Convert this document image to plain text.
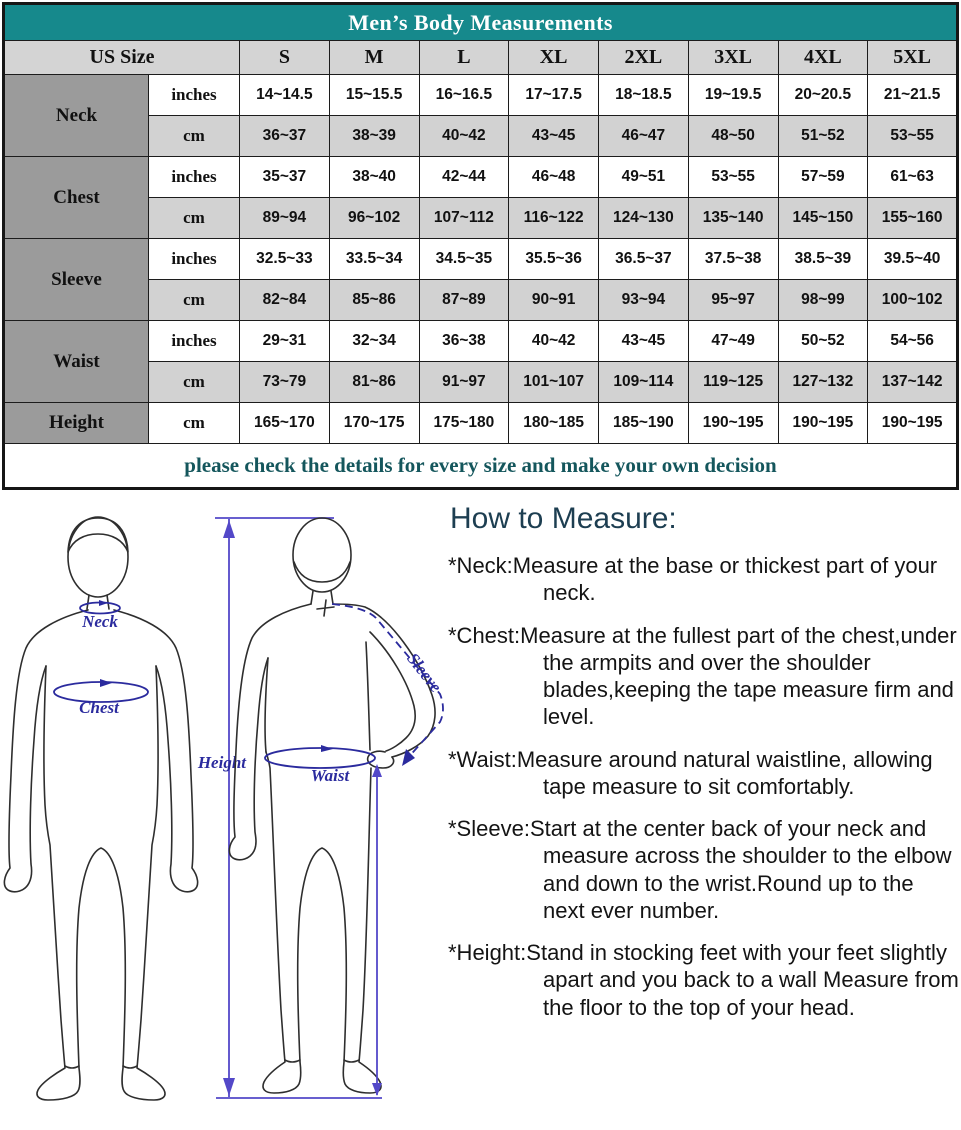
Men’s Body Measurements									
US Size		S	M	L	XL	2XL	3XL	4XL	5XL
Neck	inches	14~14.5	15~15.5	16~16.5	17~17.5	18~18.5	19~19.5	20~20.5	21~21.5
	cm	36~37	38~39	40~42	43~45	46~47	48~50	51~52	53~55
Chest	inches	35~37	38~40	42~44	46~48	49~51	53~55	57~59	61~63
	cm	89~94	96~102	107~112	116~122	124~130	135~140	145~150	155~160
Sleeve	inches	32.5~33	33.5~34	34.5~35	35.5~36	36.5~37	37.5~38	38.5~39	39.5~40
	cm	82~84	85~86	87~89	90~91	93~94	95~97	98~99	100~102
Waist	inches	29~31	32~34	36~38	40~42	43~45	47~49	50~52	54~56
	cm	73~79	81~86	91~97	101~107	109~114	119~125	127~132	137~142
Height	cm	165~170	170~175	175~180	180~185	185~190	190~195	190~195	190~195
please check the details for every size and make your own decision									
Neck
Chest
Height
Waist
Sleeve
How to Measure:

*Neck:Measure at the base or thickest part of your neck.

*Chest:Measure at the fullest part of the chest,under the armpits and over the shoulder blades,keeping the tape measure firm and level.

*Waist:Measure around natural waistline, allowing tape measure to sit comfortably.

*Sleeve:Start at the center back of your neck and measure across the shoulder to the elbow and down to the wrist.Round up to the next ever number.

*Height:Stand in stocking feet with your feet slightly apart and you back to a wall Measure from the floor to the top of your head.
